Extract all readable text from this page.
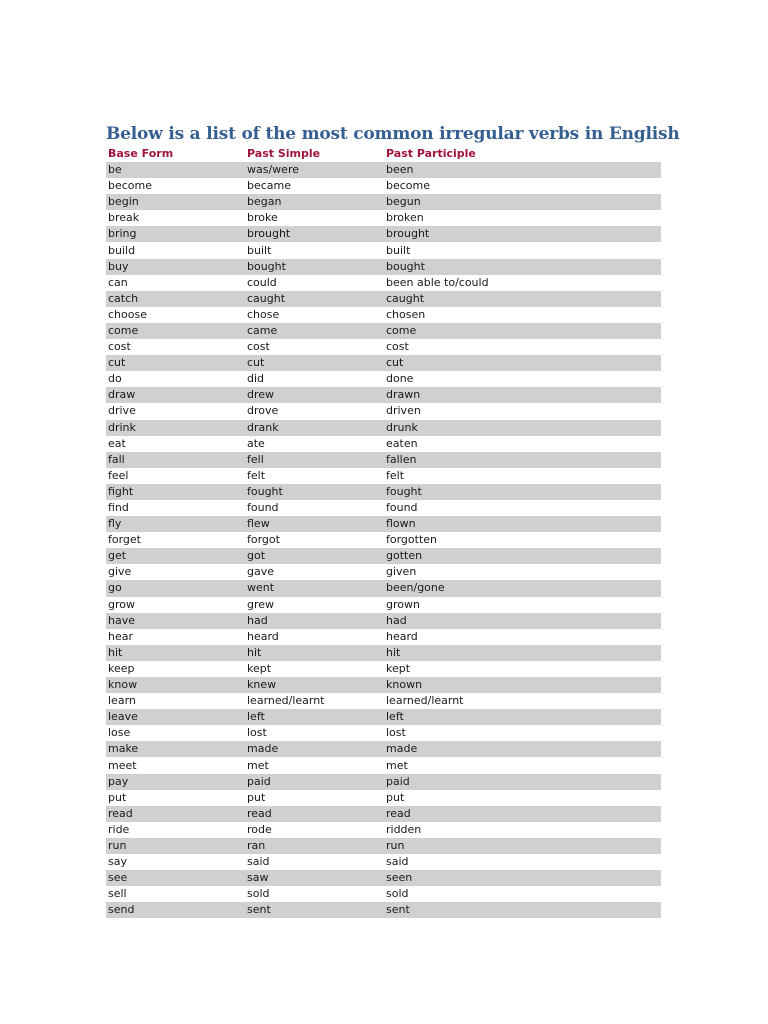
Below is a list of the most common irregular verbs in English
Base Form	Past Simple	Past Participle
be	was/were	been
become	became	become
begin	began	begun
break	broke	broken
bring	brought	brought
build	built	built
buy	bought	bought
can	could	been able to/could
catch	caught	caught
choose	chose	chosen
come	came	come
cost	cost	cost
cut	cut	cut
do	did	done
draw	drew	drawn
drive	drove	driven
drink	drank	drunk
eat	ate	eaten
fall	fell	fallen
feel	felt	felt
fight	fought	fought
find	found	found
fly	flew	flown
forget	forgot	forgotten
get	got	gotten
give	gave	given
go	went	been/gone
grow	grew	grown
have	had	had
hear	heard	heard
hit	hit	hit
keep	kept	kept
know	knew	known
learn	learned/learnt	learned/learnt
leave	left	left
lose	lost	lost
make	made	made
meet	met	met
pay	paid	paid
put	put	put
read	read	read
ride	rode	ridden
run	ran	run
say	said	said
see	saw	seen
sell	sold	sold
send	sent	sent
